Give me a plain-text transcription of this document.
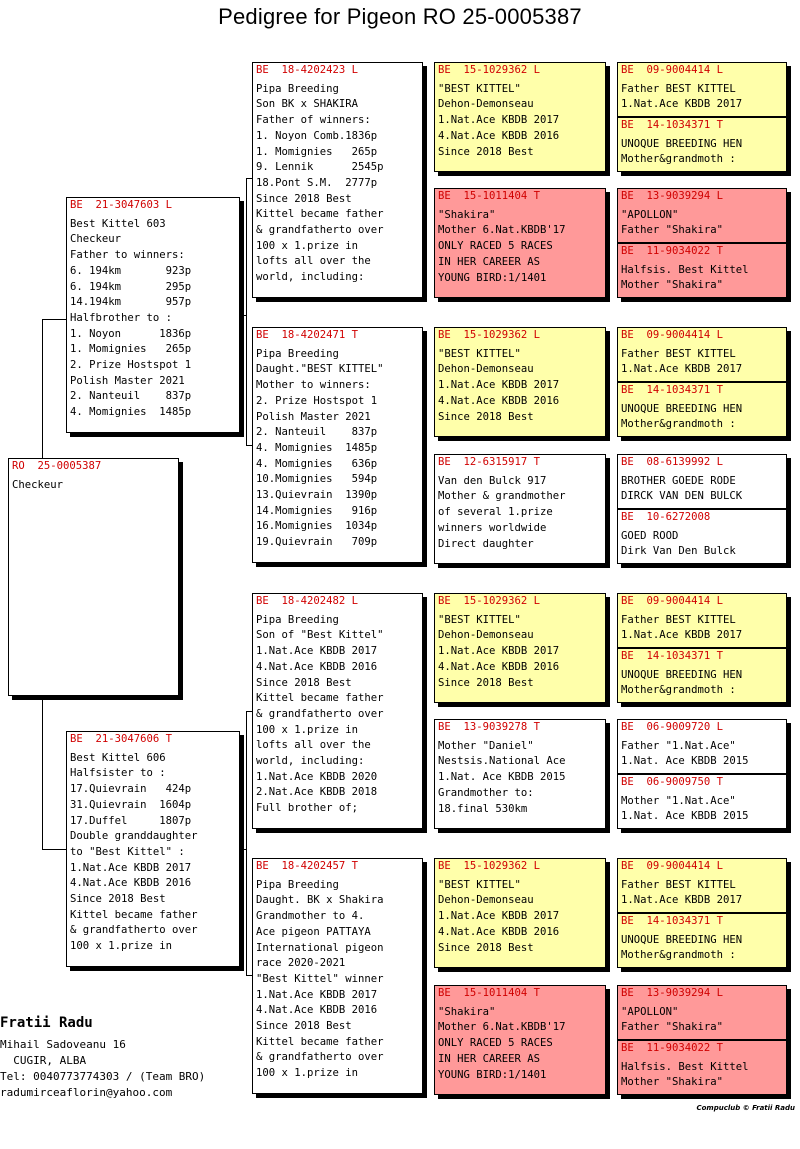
Pedigree for Pigeon RO 25-0005387
RO  25-0005387
Checkeur
BE  21-3047603 L
Best Kittel 603
Checkeur
Father to winners:
6. 194km       923p
6. 194km       295p
14.194km       957p
Halfbrother to :
1. Noyon      1836p
1. Momignies   265p
2. Prize Hostspot 1
Polish Master 2021
2. Nanteuil    837p
4. Momignies  1485p
BE  21-3047606 T
Best Kittel 606
Halfsister to :
17.Quievrain   424p
31.Quievrain  1604p
17.Duffel     1807p
Double granddaughter
to "Best Kittel" :
1.Nat.Ace KBDB 2017
4.Nat.Ace KBDB 2016
Since 2018 Best
Kittel became father
& grandfatherto over
100 x 1.prize in
BE  18-4202423 L
Pipa Breeding
Son BK x SHAKIRA
Father of winners:
1. Noyon Comb.1836p
1. Momignies   265p
9. Lennik      2545p
18.Pont S.M.  2777p
Since 2018 Best
Kittel became father
& grandfatherto over
100 x 1.prize in
lofts all over the
world, including:
BE  18-4202471 T
Pipa Breeding
Daught."BEST KITTEL"
Mother to winners:
2. Prize Hostspot 1
Polish Master 2021
2. Nanteuil    837p
4. Momignies  1485p
4. Momignies   636p
10.Momignies   594p
13.Quievrain  1390p
14.Momignies   916p
16.Momignies  1034p
19.Quievrain   709p
BE  18-4202482 L
Pipa Breeding
Son of "Best Kittel"
1.Nat.Ace KBDB 2017
4.Nat.Ace KBDB 2016
Since 2018 Best
Kittel became father
& grandfatherto over
100 x 1.prize in
lofts all over the
world, including:
1.Nat.Ace KBDB 2020
2.Nat.Ace KBDB 2018
Full brother of;
BE  18-4202457 T
Pipa Breeding
Daught. BK x Shakira
Grandmother to 4.
Ace pigeon PATTAYA
International pigeon
race 2020-2021
"Best Kittel" winner
1.Nat.Ace KBDB 2017
4.Nat.Ace KBDB 2016
Since 2018 Best
Kittel became father
& grandfatherto over
100 x 1.prize in
BE  15-1029362 L
"BEST KITTEL"
Dehon-Demonseau
1.Nat.Ace KBDB 2017
4.Nat.Ace KBDB 2016
Since 2018 Best
BE  15-1011404 T
"Shakira"
Mother 6.Nat.KBDB'17
ONLY RACED 5 RACES
IN HER CAREER AS
YOUNG BIRD:1/1401
BE  15-1029362 L
"BEST KITTEL"
Dehon-Demonseau
1.Nat.Ace KBDB 2017
4.Nat.Ace KBDB 2016
Since 2018 Best
BE  12-6315917 T
Van den Bulck 917
Mother & grandmother
of several 1.prize
winners worldwide
Direct daughter
BE  15-1029362 L
"BEST KITTEL"
Dehon-Demonseau
1.Nat.Ace KBDB 2017
4.Nat.Ace KBDB 2016
Since 2018 Best
BE  13-9039278 T
Mother "Daniel"
Nestsis.National Ace
1.Nat. Ace KBDB 2015
Grandmother to:
18.final 530km
BE  15-1029362 L
"BEST KITTEL"
Dehon-Demonseau
1.Nat.Ace KBDB 2017
4.Nat.Ace KBDB 2016
Since 2018 Best
BE  15-1011404 T
"Shakira"
Mother 6.Nat.KBDB'17
ONLY RACED 5 RACES
IN HER CAREER AS
YOUNG BIRD:1/1401
BE  09-9004414 L
Father BEST KITTEL
1.Nat.Ace KBDB 2017
BE  14-1034371 T
UNOQUE BREEDING HEN
Mother&grandmoth :
BE  13-9039294 L
"APOLLON"
Father "Shakira"
BE  11-9034022 T
Halfsis. Best Kittel
Mother "Shakira"
BE  09-9004414 L
Father BEST KITTEL
1.Nat.Ace KBDB 2017
BE  14-1034371 T
UNOQUE BREEDING HEN
Mother&grandmoth :
BE  08-6139992 L
BROTHER GOEDE RODE
DIRCK VAN DEN BULCK
BE  10-6272008
GOED ROOD
Dirk Van Den Bulck
BE  09-9004414 L
Father BEST KITTEL
1.Nat.Ace KBDB 2017
BE  14-1034371 T
UNOQUE BREEDING HEN
Mother&grandmoth :
BE  06-9009720 L
Father "1.Nat.Ace"
1.Nat. Ace KBDB 2015
BE  06-9009750 T
Mother "1.Nat.Ace"
1.Nat. Ace KBDB 2015
BE  09-9004414 L
Father BEST KITTEL
1.Nat.Ace KBDB 2017
BE  14-1034371 T
UNOQUE BREEDING HEN
Mother&grandmoth :
BE  13-9039294 L
"APOLLON"
Father "Shakira"
BE  11-9034022 T
Halfsis. Best Kittel
Mother "Shakira"
Fratii Radu
Mihail Sadoveanu 16
CUGIR, ALBA
Tel: 0040773774303 / (Team BRO)
radumirceaflorin@yahoo.com
Compuclub © Fratii Radu
